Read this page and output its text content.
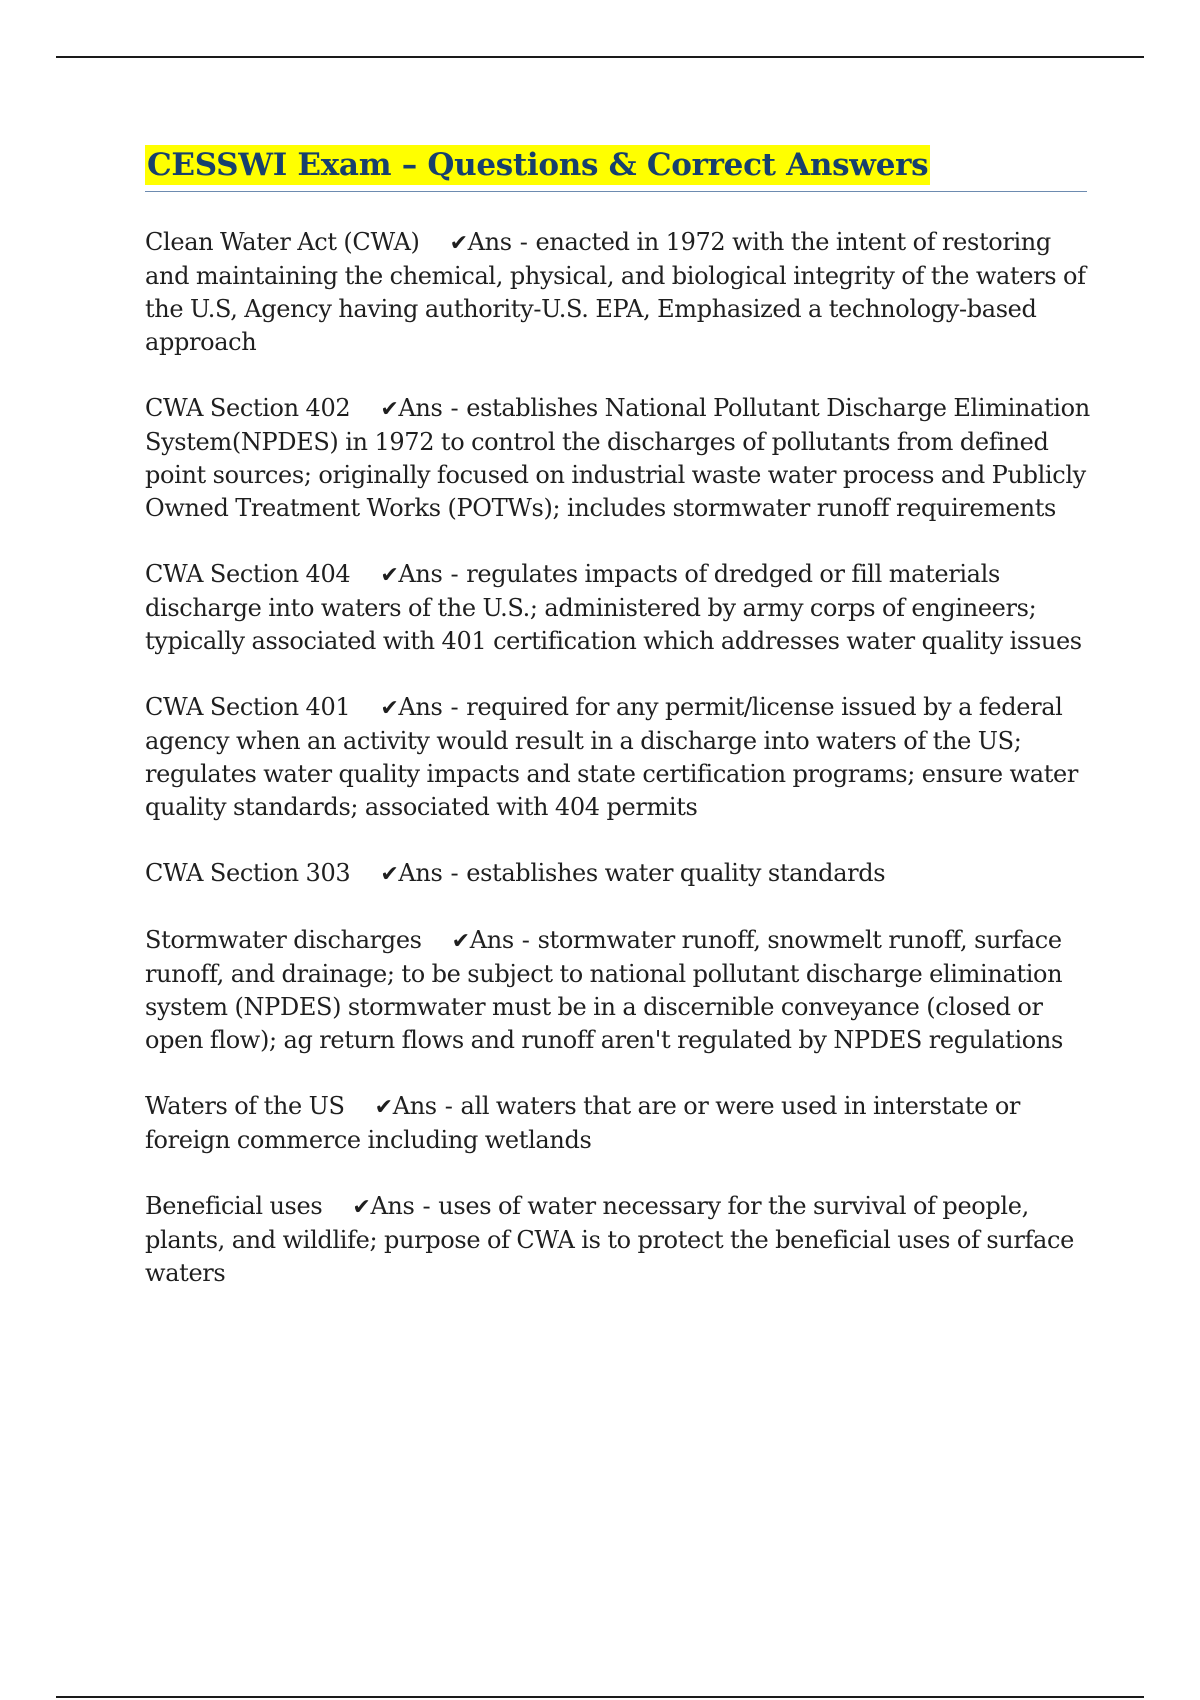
CESSWI Exam – Questions & Correct Answers

Clean Water Act (CWA) ✔Ans - enacted in 1972 with the intent of restoring and maintaining the chemical, physical, and biological integrity of the waters of the U.S, Agency having authority-U.S. EPA, Emphasized a technology-based approach

CWA Section 402 ✔Ans - establishes National Pollutant Discharge Elimination System(NPDES) in 1972 to control the discharges of pollutants from defined point sources; originally focused on industrial waste water process and Publicly Owned Treatment Works (POTWs); includes stormwater runoff requirements

CWA Section 404 ✔Ans - regulates impacts of dredged or fill materials discharge into waters of the U.S.; administered by army corps of engineers; typically associated with 401 certification which addresses water quality issues

CWA Section 401 ✔Ans - required for any permit/license issued by a federal agency when an activity would result in a discharge into waters of the US; regulates water quality impacts and state certification programs; ensure water quality standards; associated with 404 permits

CWA Section 303 ✔Ans - establishes water quality standards

Stormwater discharges ✔Ans - stormwater runoff, snowmelt runoff, surface runoff, and drainage; to be subject to national pollutant discharge elimination system (NPDES) stormwater must be in a discernible conveyance (closed or open flow); ag return flows and runoff aren't regulated by NPDES regulations

Waters of the US ✔Ans - all waters that are or were used in interstate or foreign commerce including wetlands

Beneficial uses ✔Ans - uses of water necessary for the survival of people, plants, and wildlife; purpose of CWA is to protect the beneficial uses of surface waters
